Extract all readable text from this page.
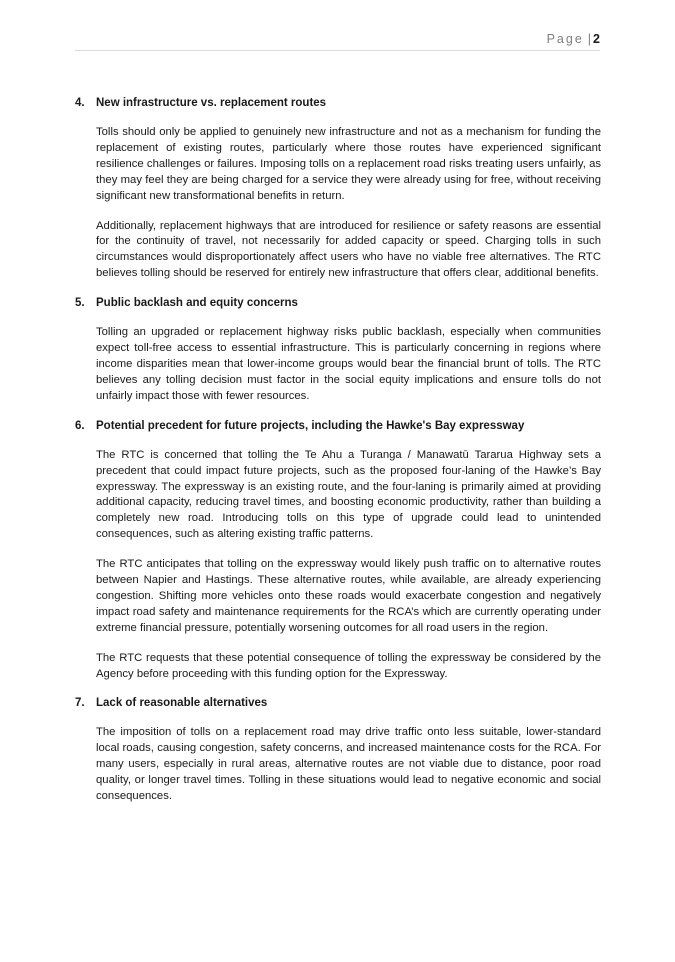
Page | 2
4. New infrastructure vs. replacement routes

Tolls should only be applied to genuinely new infrastructure and not as a mechanism for funding the replacement of existing routes, particularly where those routes have experienced significant resilience challenges or failures. Imposing tolls on a replacement road risks treating users unfairly, as they may feel they are being charged for a service they were already using for free, without receiving significant new transformational benefits in return.

Additionally, replacement highways that are introduced for resilience or safety reasons are essential for the continuity of travel, not necessarily for added capacity or speed. Charging tolls in such circumstances would disproportionately affect users who have no viable free alternatives. The RTC believes tolling should be reserved for entirely new infrastructure that offers clear, additional benefits.

5. Public backlash and equity concerns

Tolling an upgraded or replacement highway risks public backlash, especially when communities expect toll-free access to essential infrastructure. This is particularly concerning in regions where income disparities mean that lower-income groups would bear the financial brunt of tolls. The RTC believes any tolling decision must factor in the social equity implications and ensure tolls do not unfairly impact those with fewer resources.

6. Potential precedent for future projects, including the Hawke's Bay expressway

The RTC is concerned that tolling the Te Ahu a Turanga / Manawatū Tararua Highway sets a precedent that could impact future projects, such as the proposed four-laning of the Hawke’s Bay expressway. The expressway is an existing route, and the four-laning is primarily aimed at providing additional capacity, reducing travel times, and boosting economic productivity, rather than building a completely new road. Introducing tolls on this type of upgrade could lead to unintended consequences, such as altering existing traffic patterns.

The RTC anticipates that tolling on the expressway would likely push traffic on to alternative routes between Napier and Hastings. These alternative routes, while available, are already experiencing congestion. Shifting more vehicles onto these roads would exacerbate congestion and negatively impact road safety and maintenance requirements for the RCA’s which are currently operating under extreme financial pressure, potentially worsening outcomes for all road users in the region.

The RTC requests that these potential consequence of tolling the expressway be considered by the Agency before proceeding with this funding option for the Expressway.

7. Lack of reasonable alternatives

The imposition of tolls on a replacement road may drive traffic onto less suitable, lower-standard local roads, causing congestion, safety concerns, and increased maintenance costs for the RCA. For many users, especially in rural areas, alternative routes are not viable due to distance, poor road quality, or longer travel times. Tolling in these situations would lead to negative economic and social consequences.
